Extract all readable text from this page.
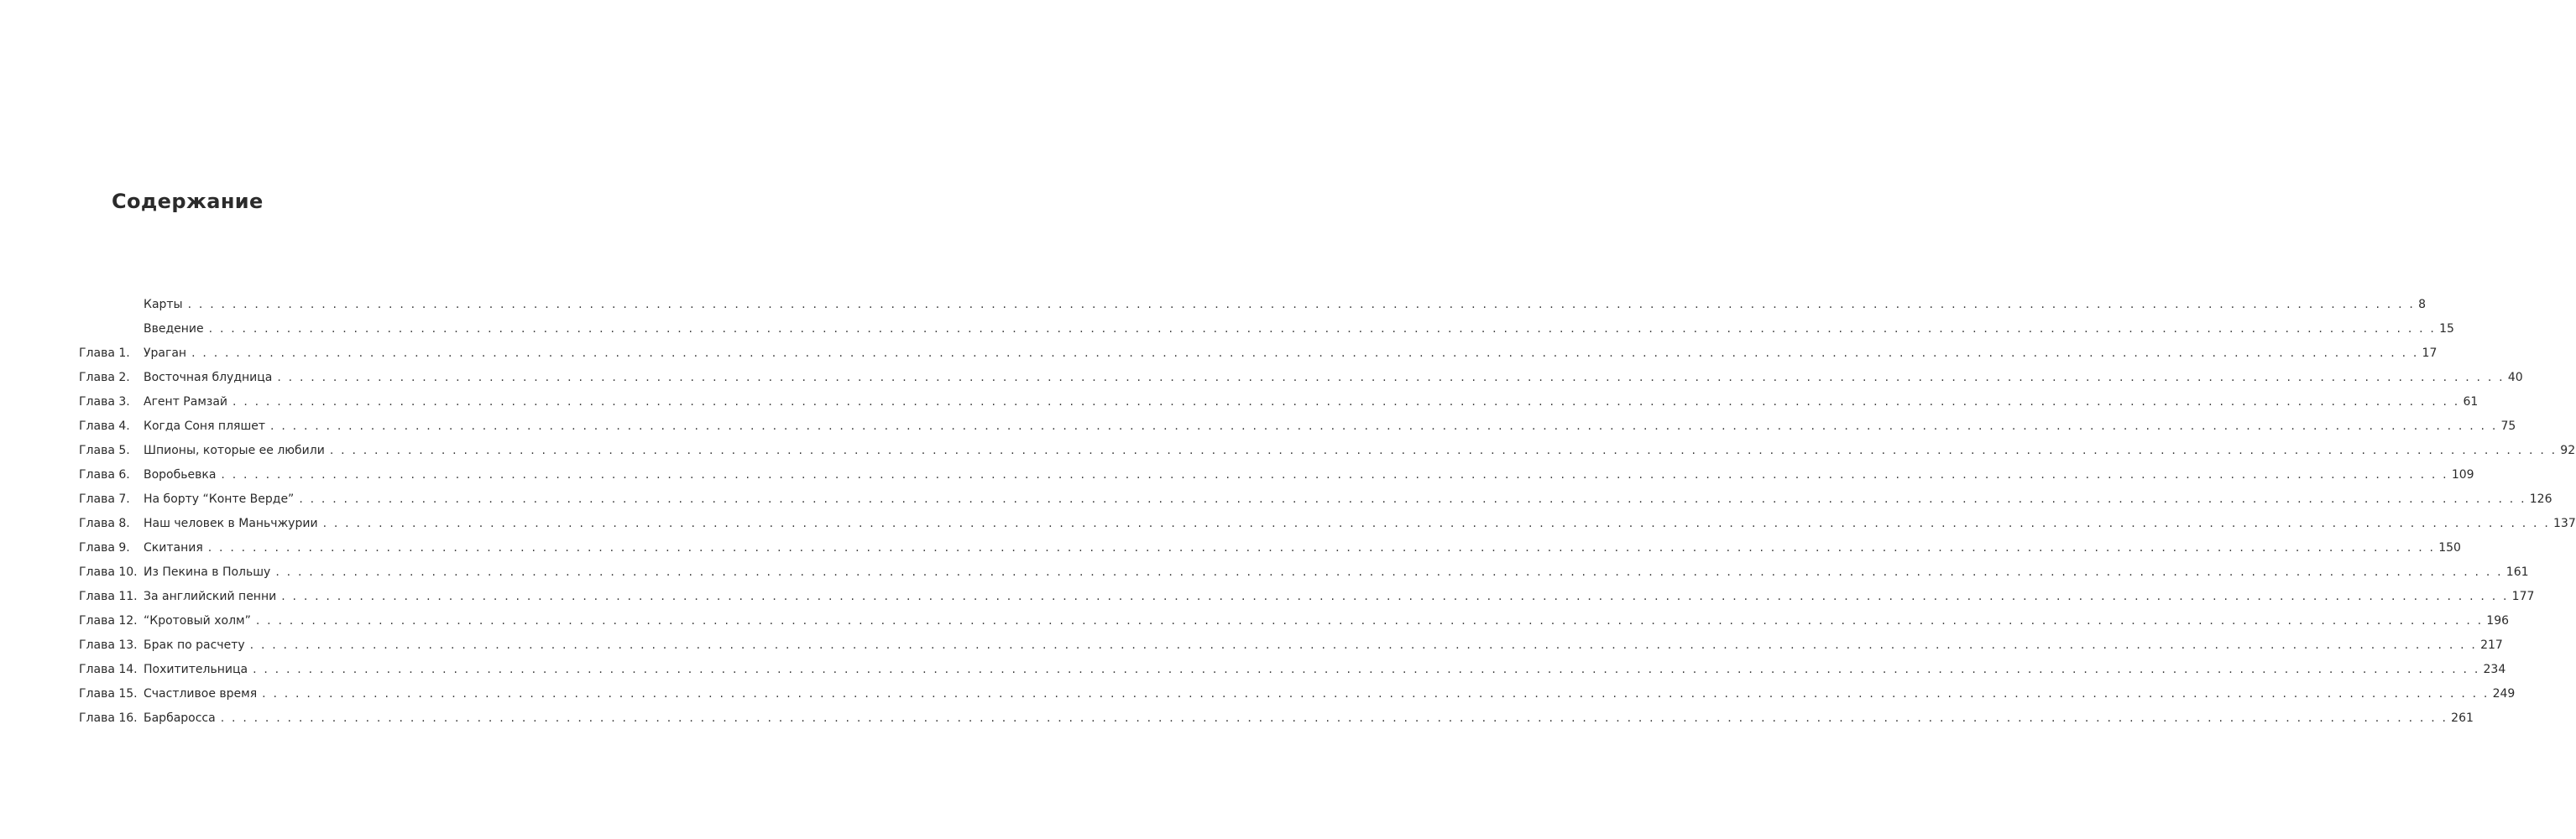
Содержание
Карты . . . . . . . . . . . . . . . . . . . . . . . . . . . . . . . . . . . . . . . . . . . . . . . . . . . . . . . . . . . . . . . . . . . . . . . . . . . . . . . . . . . . . . . . . . . . . . . . . . . . . . . . . . . . . . . . . . . . . . . . . . . . . . . . . . . . . . . . . . . . . . . . . . . . . . . . . . . . . . . . . . . . . . . . . . . . . . . . . . . . . . . . . . . . . . . . . . . . . . . . 8
Введение . . . . . . . . . . . . . . . . . . . . . . . . . . . . . . . . . . . . . . . . . . . . . . . . . . . . . . . . . . . . . . . . . . . . . . . . . . . . . . . . . . . . . . . . . . . . . . . . . . . . . . . . . . . . . . . . . . . . . . . . . . . . . . . . . . . . . . . . . . . . . . . . . . . . . . . . . . . . . . . . . . . . . . . . . . . . . . . . . . . . . . . . . . . . . . . . . . . . . . . . 15
Глава 1. Ураган . . . . . . . . . . . . . . . . . . . . . . . . . . . . . . . . . . . . . . . . . . . . . . . . . . . . . . . . . . . . . . . . . . . . . . . . . . . . . . . . . . . . . . . . . . . . . . . . . . . . . . . . . . . . . . . . . . . . . . . . . . . . . . . . . . . . . . . . . . . . . . . . . . . . . . . . . . . . . . . . . . . . . . . . . . . . . . . . . . . . . . . . . . . . . . . . . . . . . . . . 17
Глава 2. Восточная блудница . . . . . . . . . . . . . . . . . . . . . . . . . . . . . . . . . . . . . . . . . . . . . . . . . . . . . . . . . . . . . . . . . . . . . . . . . . . . . . . . . . . . . . . . . . . . . . . . . . . . . . . . . . . . . . . . . . . . . . . . . . . . . . . . . . . . . . . . . . . . . . . . . . . . . . . . . . . . . . . . . . . . . . . . . . . . . . . . . . . . . . . . . . . . . . . . . . . . . . . . 40
Глава 3. Агент Рамзай . . . . . . . . . . . . . . . . . . . . . . . . . . . . . . . . . . . . . . . . . . . . . . . . . . . . . . . . . . . . . . . . . . . . . . . . . . . . . . . . . . . . . . . . . . . . . . . . . . . . . . . . . . . . . . . . . . . . . . . . . . . . . . . . . . . . . . . . . . . . . . . . . . . . . . . . . . . . . . . . . . . . . . . . . . . . . . . . . . . . . . . . . . . . . . . . . . . . . . . . 61
Глава 4. Когда Соня пляшет . . . . . . . . . . . . . . . . . . . . . . . . . . . . . . . . . . . . . . . . . . . . . . . . . . . . . . . . . . . . . . . . . . . . . . . . . . . . . . . . . . . . . . . . . . . . . . . . . . . . . . . . . . . . . . . . . . . . . . . . . . . . . . . . . . . . . . . . . . . . . . . . . . . . . . . . . . . . . . . . . . . . . . . . . . . . . . . . . . . . . . . . . . . . . . . . . . . . . . . . 75
Глава 5. Шпионы, которые ее любили . . . . . . . . . . . . . . . . . . . . . . . . . . . . . . . . . . . . . . . . . . . . . . . . . . . . . . . . . . . . . . . . . . . . . . . . . . . . . . . . . . . . . . . . . . . . . . . . . . . . . . . . . . . . . . . . . . . . . . . . . . . . . . . . . . . . . . . . . . . . . . . . . . . . . . . . . . . . . . . . . . . . . . . . . . . . . . . . . . . . . . . . . . . . . . . . . . . . . . . . 92
Глава 6. Воробьевка . . . . . . . . . . . . . . . . . . . . . . . . . . . . . . . . . . . . . . . . . . . . . . . . . . . . . . . . . . . . . . . . . . . . . . . . . . . . . . . . . . . . . . . . . . . . . . . . . . . . . . . . . . . . . . . . . . . . . . . . . . . . . . . . . . . . . . . . . . . . . . . . . . . . . . . . . . . . . . . . . . . . . . . . . . . . . . . . . . . . . . . . . . . . . . . . . . . . . . . . 109
Глава 7. На борту “Конте Верде” . . . . . . . . . . . . . . . . . . . . . . . . . . . . . . . . . . . . . . . . . . . . . . . . . . . . . . . . . . . . . . . . . . . . . . . . . . . . . . . . . . . . . . . . . . . . . . . . . . . . . . . . . . . . . . . . . . . . . . . . . . . . . . . . . . . . . . . . . . . . . . . . . . . . . . . . . . . . . . . . . . . . . . . . . . . . . . . . . . . . . . . . . . . . . . . . . . . . . . . . 126
Глава 8. Наш человек в Маньчжурии . . . . . . . . . . . . . . . . . . . . . . . . . . . . . . . . . . . . . . . . . . . . . . . . . . . . . . . . . . . . . . . . . . . . . . . . . . . . . . . . . . . . . . . . . . . . . . . . . . . . . . . . . . . . . . . . . . . . . . . . . . . . . . . . . . . . . . . . . . . . . . . . . . . . . . . . . . . . . . . . . . . . . . . . . . . . . . . . . . . . . . . . . . . . . . . . . . . . . . . . 137
Глава 9. Скитания . . . . . . . . . . . . . . . . . . . . . . . . . . . . . . . . . . . . . . . . . . . . . . . . . . . . . . . . . . . . . . . . . . . . . . . . . . . . . . . . . . . . . . . . . . . . . . . . . . . . . . . . . . . . . . . . . . . . . . . . . . . . . . . . . . . . . . . . . . . . . . . . . . . . . . . . . . . . . . . . . . . . . . . . . . . . . . . . . . . . . . . . . . . . . . . . . . . . . . . . 150
Глава 10. Из Пекина в Польшу . . . . . . . . . . . . . . . . . . . . . . . . . . . . . . . . . . . . . . . . . . . . . . . . . . . . . . . . . . . . . . . . . . . . . . . . . . . . . . . . . . . . . . . . . . . . . . . . . . . . . . . . . . . . . . . . . . . . . . . . . . . . . . . . . . . . . . . . . . . . . . . . . . . . . . . . . . . . . . . . . . . . . . . . . . . . . . . . . . . . . . . . . . . . . . . . . . . . . . . . 161
Глава 11. За английский пенни . . . . . . . . . . . . . . . . . . . . . . . . . . . . . . . . . . . . . . . . . . . . . . . . . . . . . . . . . . . . . . . . . . . . . . . . . . . . . . . . . . . . . . . . . . . . . . . . . . . . . . . . . . . . . . . . . . . . . . . . . . . . . . . . . . . . . . . . . . . . . . . . . . . . . . . . . . . . . . . . . . . . . . . . . . . . . . . . . . . . . . . . . . . . . . . . . . . . . . . . 177
Глава 12. “Кротовый холм” . . . . . . . . . . . . . . . . . . . . . . . . . . . . . . . . . . . . . . . . . . . . . . . . . . . . . . . . . . . . . . . . . . . . . . . . . . . . . . . . . . . . . . . . . . . . . . . . . . . . . . . . . . . . . . . . . . . . . . . . . . . . . . . . . . . . . . . . . . . . . . . . . . . . . . . . . . . . . . . . . . . . . . . . . . . . . . . . . . . . . . . . . . . . . . . . . . . . . . . . 196
Глава 13. Брак по расчету . . . . . . . . . . . . . . . . . . . . . . . . . . . . . . . . . . . . . . . . . . . . . . . . . . . . . . . . . . . . . . . . . . . . . . . . . . . . . . . . . . . . . . . . . . . . . . . . . . . . . . . . . . . . . . . . . . . . . . . . . . . . . . . . . . . . . . . . . . . . . . . . . . . . . . . . . . . . . . . . . . . . . . . . . . . . . . . . . . . . . . . . . . . . . . . . . . . . . . . . 217
Глава 14. Похитительница . . . . . . . . . . . . . . . . . . . . . . . . . . . . . . . . . . . . . . . . . . . . . . . . . . . . . . . . . . . . . . . . . . . . . . . . . . . . . . . . . . . . . . . . . . . . . . . . . . . . . . . . . . . . . . . . . . . . . . . . . . . . . . . . . . . . . . . . . . . . . . . . . . . . . . . . . . . . . . . . . . . . . . . . . . . . . . . . . . . . . . . . . . . . . . . . . . . . . . . . 234
Глава 15. Счастливое время . . . . . . . . . . . . . . . . . . . . . . . . . . . . . . . . . . . . . . . . . . . . . . . . . . . . . . . . . . . . . . . . . . . . . . . . . . . . . . . . . . . . . . . . . . . . . . . . . . . . . . . . . . . . . . . . . . . . . . . . . . . . . . . . . . . . . . . . . . . . . . . . . . . . . . . . . . . . . . . . . . . . . . . . . . . . . . . . . . . . . . . . . . . . . . . . . . . . . . . . 249
Глава 16. Барбаросса . . . . . . . . . . . . . . . . . . . . . . . . . . . . . . . . . . . . . . . . . . . . . . . . . . . . . . . . . . . . . . . . . . . . . . . . . . . . . . . . . . . . . . . . . . . . . . . . . . . . . . . . . . . . . . . . . . . . . . . . . . . . . . . . . . . . . . . . . . . . . . . . . . . . . . . . . . . . . . . . . . . . . . . . . . . . . . . . . . . . . . . . . . . . . . . . . . . . . . . . 261
